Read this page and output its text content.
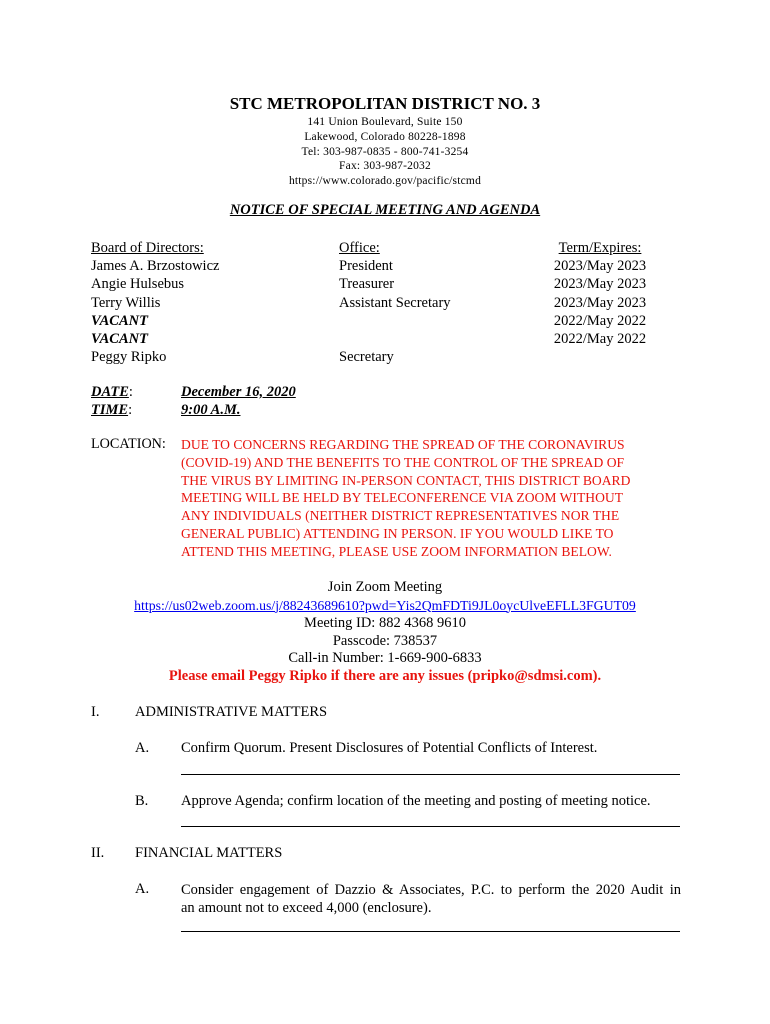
STC METROPOLITAN DISTRICT NO. 3
141 Union Boulevard, Suite 150
Lakewood, Colorado 80228-1898
Tel: 303-987-0835 - 800-741-3254
Fax: 303-987-2032
https://www.colorado.gov/pacific/stcmd
NOTICE OF SPECIAL MEETING AND AGENDA
Board of Directors:
James A. Brzostowicz
Angie Hulsebus
Terry Willis
VACANT
VACANT
Peggy Ripko
Office:
President
Treasurer
Assistant Secretary
Secretary
Term/Expires:
2023/May 2023
2023/May 2023
2023/May 2023
2022/May 2022
2022/May 2022
DATE:	December 16, 2020
TIME:	9:00 A.M.
LOCATION: DUE TO CONCERNS REGARDING THE SPREAD OF THE CORONAVIRUS
(COVID-19) AND THE BENEFITS TO THE CONTROL OF THE SPREAD OF
THE VIRUS BY LIMITING IN-PERSON CONTACT, THIS DISTRICT BOARD
MEETING WILL BE HELD BY TELECONFERENCE VIA ZOOM WITHOUT
ANY INDIVIDUALS (NEITHER DISTRICT REPRESENTATIVES NOR THE
GENERAL PUBLIC) ATTENDING IN PERSON. IF YOU WOULD LIKE TO
ATTEND THIS MEETING, PLEASE USE ZOOM INFORMATION BELOW.
Join Zoom Meeting
https://us02web.zoom.us/j/88243689610?pwd=Yis2QmFDTi9JL0oycUlveEFLL3FGUT09
Meeting ID: 882 4368 9610
Passcode: 738537
Call-in Number: 1-669-900-6833
Please email Peggy Ripko if there are any issues (pripko@sdmsi.com).
I. ADMINISTRATIVE MATTERS
A. Confirm Quorum. Present Disclosures of Potential Conflicts of Interest.
B. Approve Agenda; confirm location of the meeting and posting of meeting notice.
II. FINANCIAL MATTERS
A. Consider engagement of Dazzio & Associates, P.C. to perform the 2020 Audit in
an amount not to exceed 4,000 (enclosure).
